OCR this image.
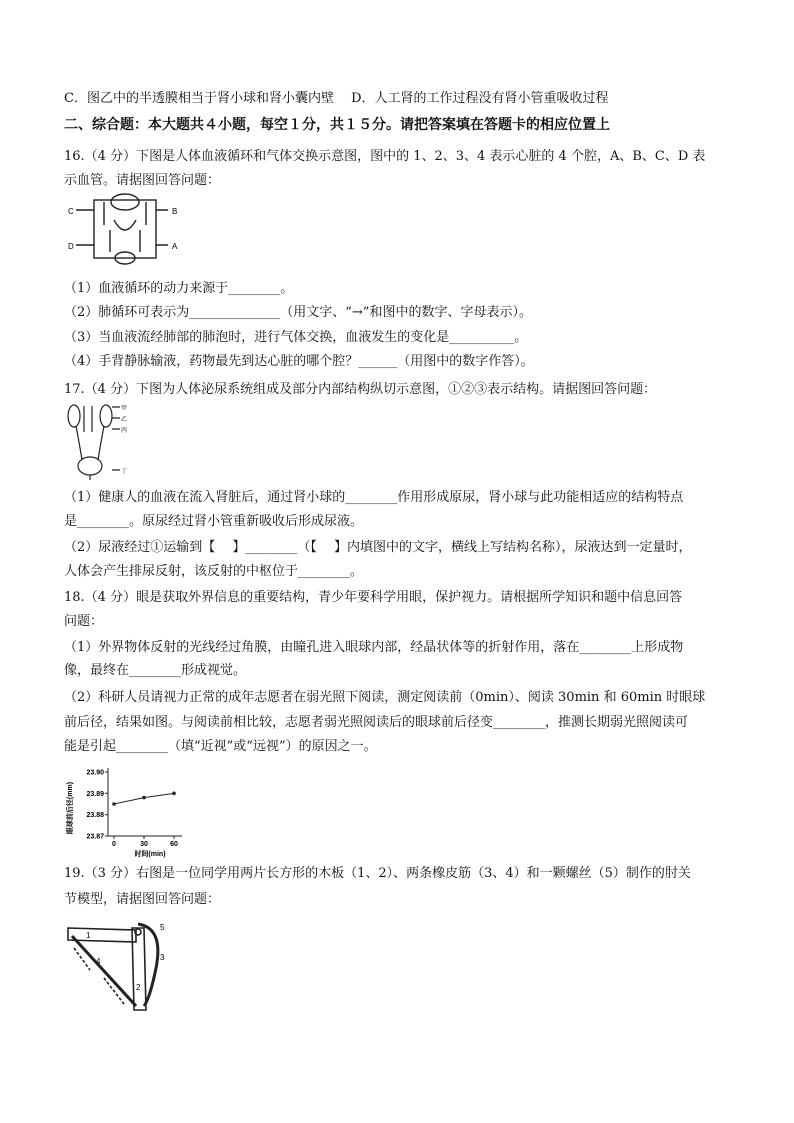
C．图乙中的半透膜相当于肾小球和肾小囊内壁　 D．人工肾的工作过程没有肾小管重吸收过程
二、综合题：本大题共４小题，每空１分，共１５分。请把答案填在答题卡的相应位置上
16.（4 分）下图是人体血液循环和气体交换示意图，图中的 1、2、3、4 表示心脏的 4 个腔，A、B、C、D 表
示血管。请据图回答问题：
C	B
D	A
（1）血液循环的动力来源于________。
（2）肺循环可表示为______________（用文字、“→”和图中的数字、字母表示）。
（3）当血液流经肺部的肺泡时，进行气体交换，血液发生的变化是__________。
（4）手背静脉输液，药物最先到达心脏的哪个腔？______（用图中的数字作答）。
17.（4 分）下图为人体泌尿系统组成及部分内部结构纵切示意图，①②③表示结构。请据图回答问题：
甲
乙
丙
丁
（1）健康人的血液在流入肾脏后，通过肾小球的________作用形成原尿，肾小球与此功能相适应的结构特点
是________。原尿经过肾小管重新吸收后形成尿液。
（2）尿液经过①运输到【　 】________（【　 】内填图中的文字，横线上写结构名称），尿液达到一定量时，
人体会产生排尿反射，该反射的中枢位于________。
18.（4 分）眼是获取外界信息的重要结构，青少年要科学用眼，保护视力。请根据所学知识和题中信息回答
问题：
（1）外界物体反射的光线经过角膜，由瞳孔进入眼球内部，经晶状体等的折射作用，落在________上形成物
像，最终在________形成视觉。
（2）科研人员请视力正常的成年志愿者在弱光照下阅读，测定阅读前（0min）、阅读 30min 和 60min 时眼球
前后径，结果如图。与阅读前相比较，志愿者弱光照阅读后的眼球前后径变________，推测长期弱光照阅读可
能是引起________（填“近视”或“远视”）的原因之一。
眼球前后径(mm)
时间(min)
23.90
23.89
23.88
23.87
0	30	60
19.（3 分）右图是一位同学用两片长方形的木板（1、2）、两条橡皮筋（3、4）和一颗螺丝（5）制作的肘关
节模型，请据图回答问题：
1
2
3
4
5
